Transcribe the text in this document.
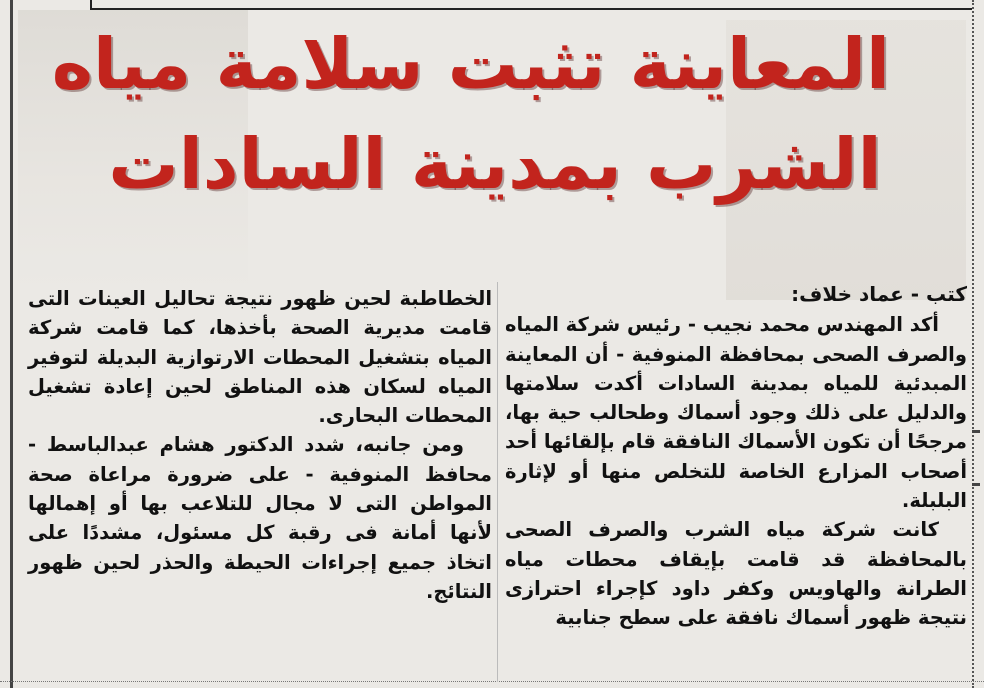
المعاينة تثبت سلامة مياه
الشرب بمدينة السادات
كتب - عماد خلاف:
أكد المهندس محمد نجيب - رئيس شركة المياه والصرف الصحى بمحافظة المنوفية - أن المعاينة المبدئية للمياه بمدينة السادات أكدت سلامتها والدليل على ذلك وجود أسماك وطحالب حية بها، مرجحًا أن تكون الأسماك النافقة قام بإلقائها أحد أصحاب المزارع الخاصة للتخلص منها أو لإثارة البلبلة.
كانت شركة مياه الشرب والصرف الصحى بالمحافظة قد قامت بإيقاف محطات مياه الطرانة والهاويس وكفر داود كإجراء احترازى نتيجة ظهور أسماك نافقة على سطح جنابية
الخطاطبة لحين ظهور نتيجة تحاليل العينات التى قامت مديرية الصحة بأخذها، كما قامت شركة المياه بتشغيل المحطات الارتوازية البديلة لتوفير المياه لسكان هذه المناطق لحين إعادة تشغيل المحطات البحارى.
ومن جانبه، شدد الدكتور هشام عبدالباسط - محافظ المنوفية - على ضرورة مراعاة صحة المواطن التى لا مجال للتلاعب بها أو إهمالها لأنها أمانة فى رقبة كل مسئول، مشددًا على اتخاذ جميع إجراءات الحيطة والحذر لحين ظهور النتائج.
